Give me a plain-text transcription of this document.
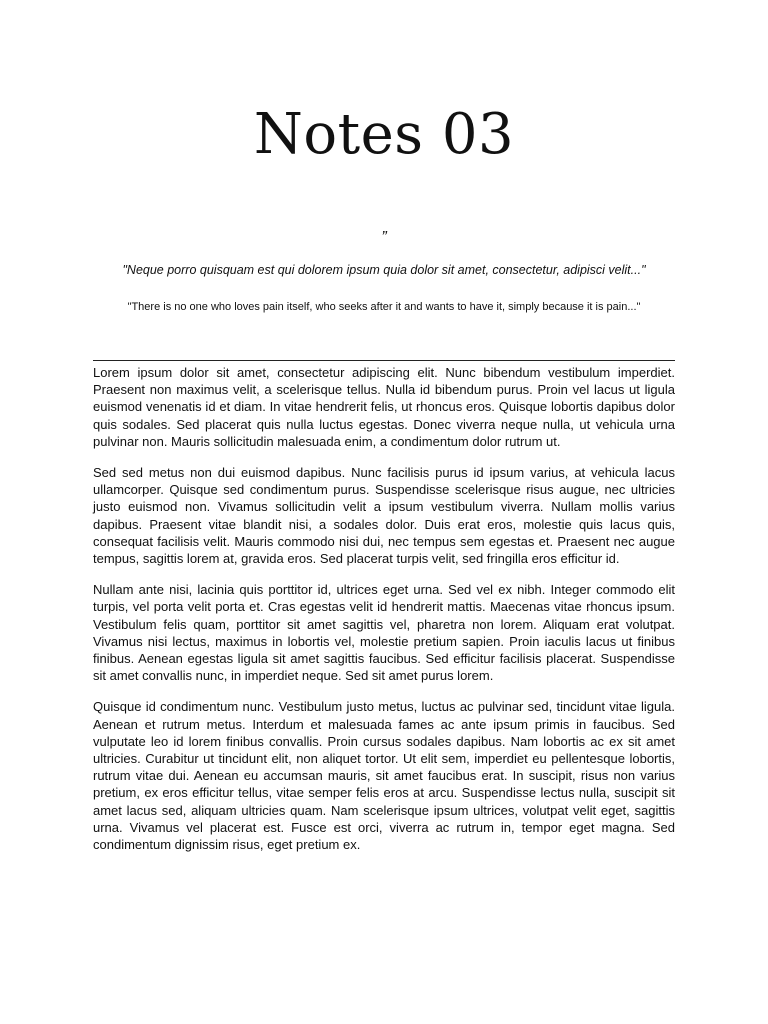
Notes 03
”
"Neque porro quisquam est qui dolorem ipsum quia dolor sit amet, consectetur, adipisci velit..."
"There is no one who loves pain itself, who seeks after it and wants to have it, simply because it is pain..."

Lorem ipsum dolor sit amet, consectetur adipiscing elit. Nunc bibendum vestibulum imperdiet. Praesent non maximus velit, a scelerisque tellus. Nulla id bibendum purus. Proin vel lacus ut ligula euismod venenatis id et diam. In vitae hendrerit felis, ut rhoncus eros. Quisque lobortis dapibus dolor quis sodales. Sed placerat quis nulla luctus egestas. Donec viverra neque nulla, ut vehicula urna pulvinar non. Mauris sollicitudin malesuada enim, a condimentum dolor rutrum ut.

Sed sed metus non dui euismod dapibus. Nunc facilisis purus id ipsum varius, at vehicula lacus ullamcorper. Quisque sed condimentum purus. Suspendisse scelerisque risus augue, nec ultricies justo euismod non. Vivamus sollicitudin velit a ipsum vestibulum viverra. Nullam mollis varius dapibus. Praesent vitae blandit nisi, a sodales dolor. Duis erat eros, molestie quis lacus quis, consequat facilisis velit. Mauris commodo nisi dui, nec tempus sem egestas et. Praesent nec augue tempus, sagittis lorem at, gravida eros. Sed placerat turpis velit, sed fringilla eros efficitur id.

Nullam ante nisi, lacinia quis porttitor id, ultrices eget urna. Sed vel ex nibh. Integer commodo elit turpis, vel porta velit porta et. Cras egestas velit id hendrerit mattis. Maecenas vitae rhoncus ipsum. Vestibulum felis quam, porttitor sit amet sagittis vel, pharetra non lorem. Aliquam erat volutpat. Vivamus nisi lectus, maximus in lobortis vel, molestie pretium sapien. Proin iaculis lacus ut finibus finibus. Aenean egestas ligula sit amet sagittis faucibus. Sed efficitur facilisis placerat. Suspendisse sit amet convallis nunc, in imperdiet neque. Sed sit amet purus lorem.

Quisque id condimentum nunc. Vestibulum justo metus, luctus ac pulvinar sed, tincidunt vitae ligula. Aenean et rutrum metus. Interdum et malesuada fames ac ante ipsum primis in faucibus. Sed vulputate leo id lorem finibus convallis. Proin cursus sodales dapibus. Nam lobortis ac ex sit amet ultricies. Curabitur ut tincidunt elit, non aliquet tortor. Ut elit sem, imperdiet eu pellentesque lobortis, rutrum vitae dui. Aenean eu accumsan mauris, sit amet faucibus erat. In suscipit, risus non varius pretium, ex eros efficitur tellus, vitae semper felis eros at arcu. Suspendisse lectus nulla, suscipit sit amet lacus sed, aliquam ultricies quam. Nam scelerisque ipsum ultrices, volutpat velit eget, sagittis urna. Vivamus vel placerat est. Fusce est orci, viverra ac rutrum in, tempor eget magna. Sed condimentum dignissim risus, eget pretium ex.
